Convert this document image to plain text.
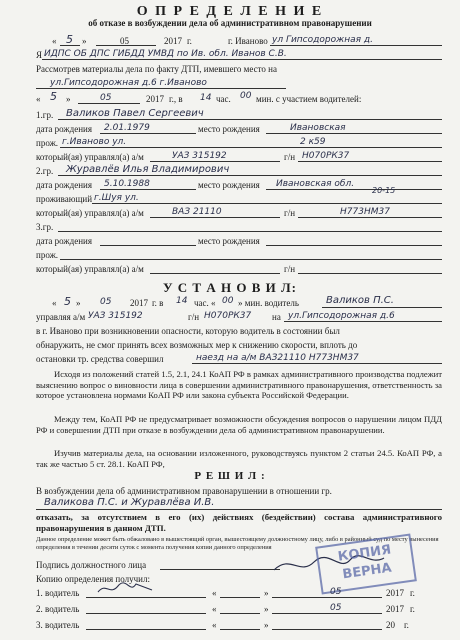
О П Р Е Д Е Л Е Н И Е
об отказе в возбуждении дела об административном правонарушении
« 5 »	05	2017 г.	г. Иваново ул Гипсодорожная д.
Я ИДПС ОБ ДПС ГИБДД УМВД по Ив. обл. Иванов С.В.
Рассмотрев материалы дела по факту ДТП, имевшего место на
ул.Гипсодорожная д.6 г.Иваново
« 5 »	05	2017 г., в 14 час. 00 мин. с участием водителей:
1.гр. Валиков Павел Сергеевич
дата рождения 2.01.1979	место рождения	Ивановская
прож. г.Иваново ул.	2 к59
который(ая) управлял(а) а/м	УАЗ 315192	г/н Н070РК37
2.гр. Журавлёв Илья Владимирович
дата рождения 5.10.1988	место рождения Ивановская обл.
проживающий г.Шуя ул.
20-15
который(ая) управлял(а) а/м	ВАЗ 21110	г/н	Н773НМ37
3.гр.
дата рождения	место рождения
прож.
который(ая) управлял(а) а/м	г/н
У С Т А Н О В И Л:
« 5 » 05 2017 г. в 14 час. « 00 » мин. водитель	Валиков П.С.
управляя а/м УАЗ 315192	г/н Н070РК37 на ул.Гипсодорожная д.6
в г. Иваново при возникновении опасности, которую водитель в состоянии был
обнаружить, не смог принять всех возможных мер к снижению скорости, вплоть до
остановки тр. средства совершил	наезд на а/м ВАЗ21110 Н773НМ37
Исходя из положений статей 1.5, 2.1, 24.1 КоАП РФ в рамках административного производства подлежит выяснению вопрос о виновности лица в совершении административного правонарушения, ответственность за которое установлена нормами КоАП РФ или закона субъекта Российской Федерации.
Между тем, КоАП РФ не предусматривает возможности обсуждения вопросов о нарушении лицом ПДД РФ и совершении ДТП при отказе в возбуждении дела об административном правонарушении.
Изучив материалы дела, на основании изложенного, руководствуясь пунктом 2 статьи 24.5. КоАП РФ, а так же частью 5 ст. 28.1. КоАП РФ,
Р Е Ш И Л :
В возбуждении дела об административном правонарушении в отношении гр.
Валикова П.С. и Журавлёва И.В.
отказать, за отсутствием в его (их) действиях (бездействии) состава административного правонарушения в данном ДТП.
Данное определение может быть обжаловано в вышестоящий орган, вышестоящему должностному лицу, либо в районный суд по месту вынесения определения в течении десяти суток с момента получения копии данного определения
Подпись должностного лица
Копию определения получил:
КОПИЯ
ВЕРНА
1. водитель	«	»	05	2017 г.
2. водитель	«	»	05	2017 г.
3. водитель	«	»	20 г.
